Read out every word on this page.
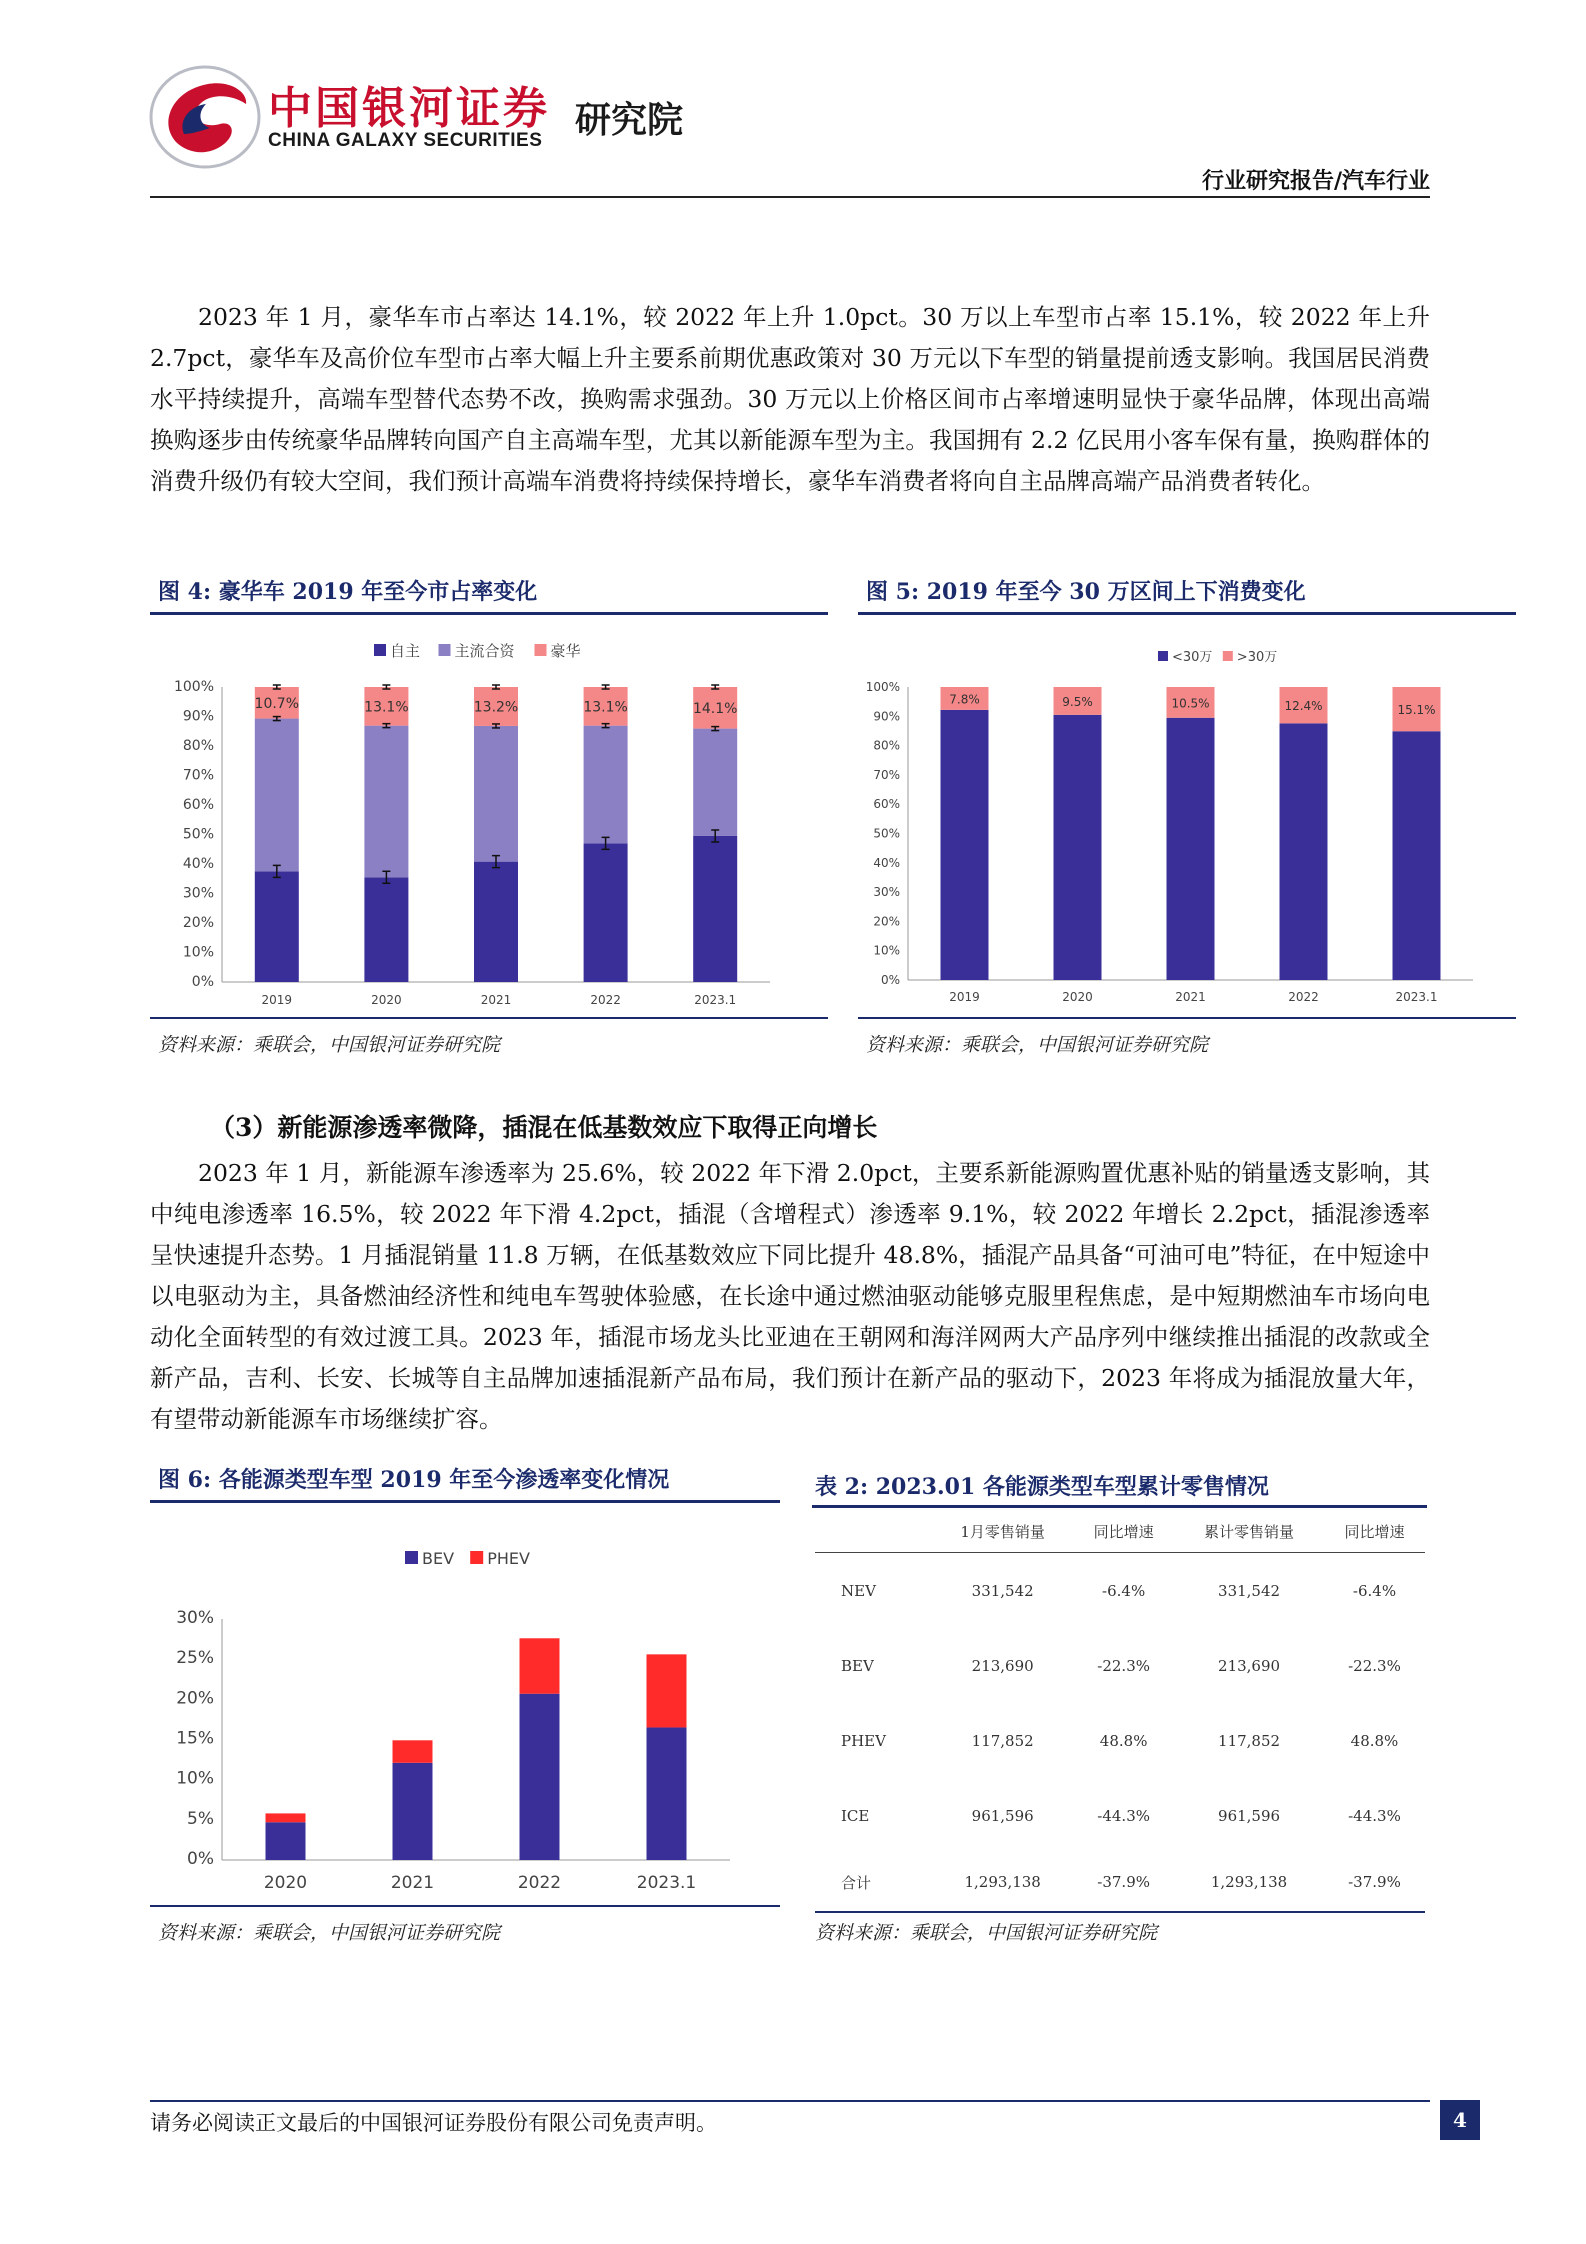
中国银河证券
CHINA GALAXY SECURITIES 研究院
行业研究报告/汽车行业

2023 年 1 月，豪华车市占率达 14.1%，较 2022 年上升 1.0pct。30 万以上车型市占率 15.1%，较 2022 年上升 2.7pct，豪华车及高价位车型市占率大幅上升主要系前期优惠政策对 30 万元以下车型的销量提前透支影响。我国居民消费水平持续提升，高端车型替代态势不改，换购需求强劲。30 万元以上价格区间市占率增速明显快于豪华品牌，体现出高端换购逐步由传统豪华品牌转向国产自主高端车型，尤其以新能源车型为主。我国拥有 2.2 亿民用小客车保有量，换购群体的消费升级仍有较大空间，我们预计高端车消费将持续保持增长，豪华车消费者将向自主品牌高端产品消费者转化。

图 4: 豪华车 2019 年至今市占率变化
0%
10%
20%
30%
40%
50%
60%
70%
80%
90%
100%
10.7%
2019
13.1%
2020
13.2%
2021
13.1%
2022
14.1%
2023.1
自主 主流合资 豪华
资料来源：乘联会，中国银河证券研究院
图 5: 2019 年至今 30 万区间上下消费变化
0%
10%
20%
30%
40%
50%
60%
70%
80%
90%
100%
7.8%
2019
9.5%
2020
10.5%
2021
12.4%
2022
15.1%
2023.1
<30万 >30万
资料来源：乘联会，中国银河证券研究院
（3）新能源渗透率微降，插混在低基数效应下取得正向增长

2023 年 1 月，新能源车渗透率为 25.6%，较 2022 年下滑 2.0pct，主要系新能源购置优惠补贴的销量透支影响，其中纯电渗透率 16.5%，较 2022 年下滑 4.2pct，插混（含增程式）渗透率 9.1%，较 2022 年增长 2.2pct，插混渗透率呈快速提升态势。1 月插混销量 11.8 万辆，在低基数效应下同比提升 48.8%，插混产品具备“可油可电”特征，在中短途中以电驱动为主，具备燃油经济性和纯电车驾驶体验感，在长途中通过燃油驱动能够克服里程焦虑，是中短期燃油车市场向电动化全面转型的有效过渡工具。2023 年，插混市场龙头比亚迪在王朝网和海洋网两大产品序列中继续推出插混的改款或全新产品，吉利、长安、长城等自主品牌加速插混新产品布局，我们预计在新产品的驱动下，2023 年将成为插混放量大年，有望带动新能源车市场继续扩容。

图 6: 各能源类型车型 2019 年至今渗透率变化情况
0%
5%
10%
15%
20%
25%
30%
2020	2021	2022	2023.1
BEV PHEV
资料来源：乘联会，中国银河证券研究院
表 2: 2023.01 各能源类型车型累计零售情况
	1月零售销量	同比增速	累计零售销量	同比增速
NEV	331,542	-6.4%	331,542	-6.4%
BEV	213,690	-22.3%	213,690	-22.3%
PHEV	117,852	48.8%	117,852	48.8%
ICE	961,596	-44.3%	961,596	-44.3%
合计	1,293,138	-37.9%	1,293,138	-37.9%
资料来源：乘联会，中国银河证券研究院
请务必阅读正文最后的中国银河证券股份有限公司免责声明。	4
